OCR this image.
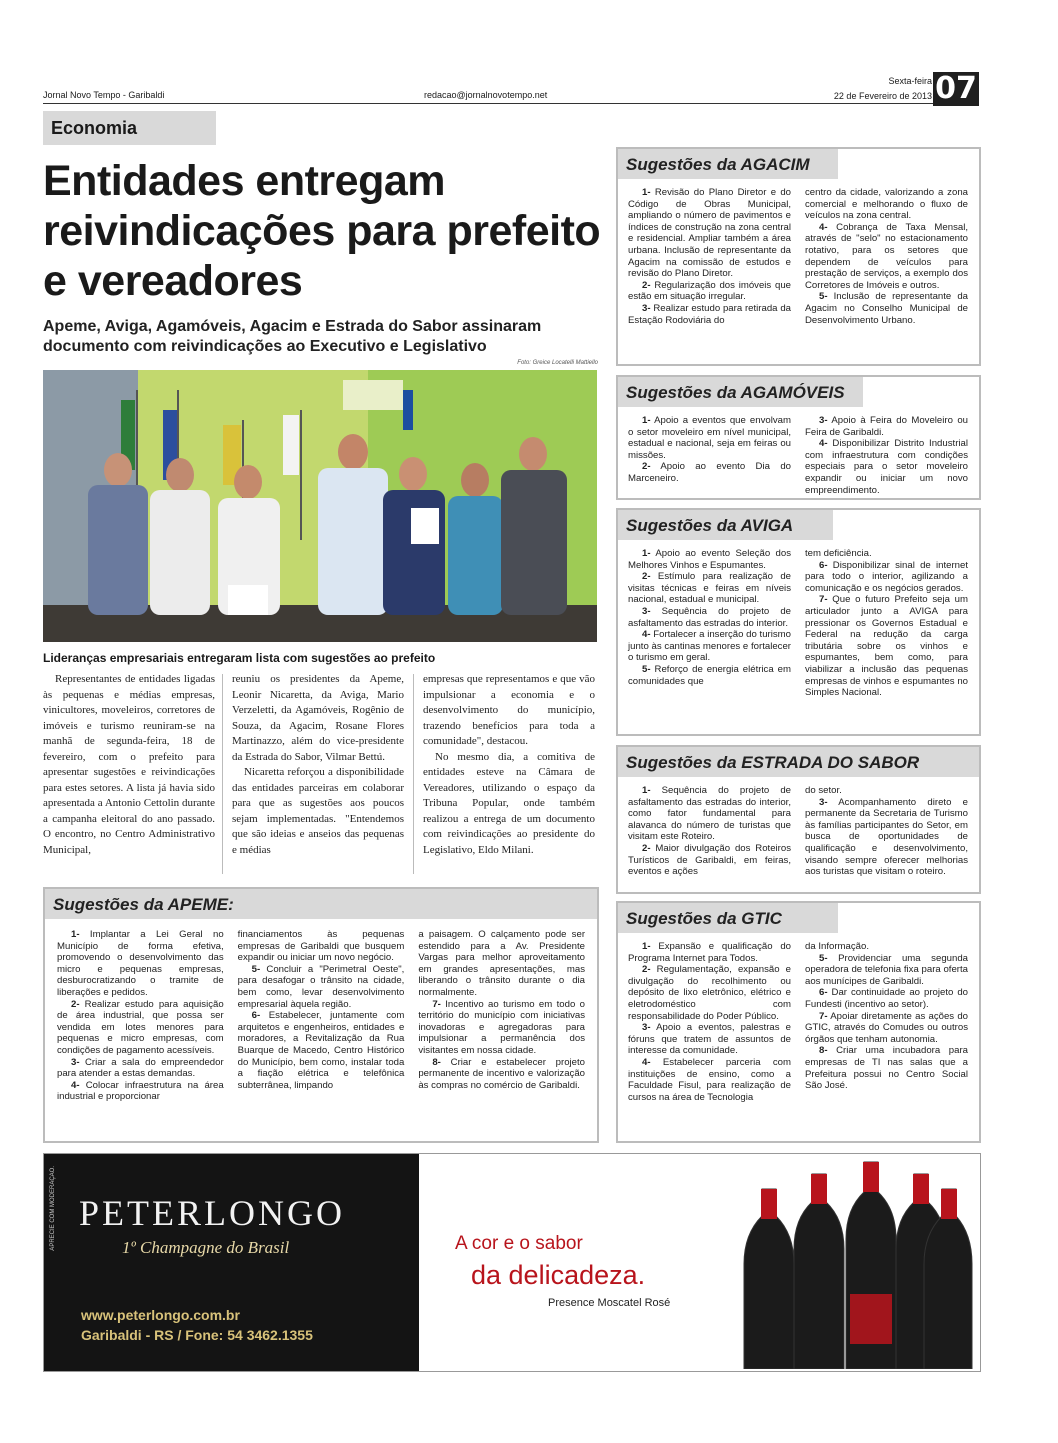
Jornal Novo Tempo - Garibaldi	redacao@jornalnovotempo.net
Sexta-feira
22 de Fevereiro de 2013 07
Economia
Entidades entregam reivindicações para prefeito e vereadores
Apeme, Aviga, Agamóveis, Agacim e Estrada do Sabor assinaram documento com reivindicações ao Executivo e Legislativo
Foto: Greice Locatelli Mattiello
Lideranças empresariais entregaram lista com sugestões ao prefeito

Representantes de entidades ligadas às pequenas e médias empresas, vinicultores, moveleiros, corretores de imóveis e turismo reuniram-se na manhã de segunda-feira, 18 de fevereiro, com o prefeito para apresentar sugestões e reivindicações para estes setores. A lista já havia sido apresentada a Antonio Cettolin durante a campanha eleitoral do ano passado. O encontro, no Centro Administrativo Municipal,

reuniu os presidentes da Apeme, Leonir Nicaretta, da Aviga, Mario Verzeletti, da Agamóveis, Rogênio de Souza, da Agacim, Rosane Flores Martinazzo, além do vice-presidente da Estrada do Sabor, Vilmar Bettú.

Nicaretta reforçou a disponibilidade das entidades parceiras em colaborar para que as sugestões aos poucos sejam implementadas. "Entendemos que são ideias e anseios das pequenas e médias

empresas que representamos e que vão impulsionar a economia e o desenvolvimento do município, trazendo benefícios para toda a comunidade", destacou.

No mesmo dia, a comitiva de entidades esteve na Câmara de Vereadores, utilizando o espaço da Tribuna Popular, onde também realizou a entrega de um documento com reivindicações ao presidente do Legislativo, Eldo Milani.

Sugestões da AGACIM

1- Revisão do Plano Diretor e do Código de Obras Municipal, ampliando o número de pavimentos e índices de construção na zona central e residencial. Ampliar também a área urbana. Inclusão de representante da Agacim na comissão de estudos e revisão do Plano Diretor.

2- Regularização dos imóveis que estão em situação irregular.

3- Realizar estudo para retirada da Estação Rodoviária do

centro da cidade, valorizando a zona comercial e melhorando o fluxo de veículos na zona central.

4- Cobrança de Taxa Mensal, através de "selo" no estacionamento rotativo, para os setores que dependem de veículos para prestação de serviços, a exemplo dos Corretores de Imóveis e outros.

5- Inclusão de representante da Agacim no Conselho Municipal de Desenvolvimento Urbano.

Sugestões da AGAMÓVEIS

1- Apoio a eventos que envolvam o setor moveleiro em nível municipal, estadual e nacional, seja em feiras ou missões.

2- Apoio ao evento Dia do Marceneiro.

3- Apoio à Feira do Moveleiro ou Feira de Garibaldi.

4- Disponibilizar Distrito Industrial com infraestrutura com condições especiais para o setor moveleiro expandir ou iniciar um novo empreendimento.

Sugestões da AVIGA

1- Apoio ao evento Seleção dos Melhores Vinhos e Espumantes.

2- Estímulo para realização de visitas técnicas e feiras em níveis nacional, estadual e municipal.

3- Sequência do projeto de asfaltamento das estradas do interior.

4- Fortalecer a inserção do turismo junto às cantinas menores e fortalecer o turismo em geral.

5- Reforço de energia elétrica em comunidades que

tem deficiência.

6- Disponibilizar sinal de internet para todo o interior, agilizando a comunicação e os negócios gerados.

7- Que o futuro Prefeito seja um articulador junto a AVIGA para pressionar os Governos Estadual e Federal na redução da carga tributária sobre os vinhos e espumantes, bem como, para viabilizar a inclusão das pequenas empresas de vinhos e espumantes no Simples Nacional.

Sugestões da ESTRADA DO SABOR

1- Sequência do projeto de asfaltamento das estradas do interior, como fator fundamental para alavanca do número de turistas que visitam este Roteiro.

2- Maior divulgação dos Roteiros Turísticos de Garibaldi, em feiras, eventos e ações

do setor.

3- Acompanhamento direto e permanente da Secretaria de Turismo às famílias participantes do Setor, em busca de oportunidades de qualificação e desenvolvimento, visando sempre oferecer melhorias aos turistas que visitam o roteiro.

Sugestões da GTIC

1- Expansão e qualificação do Programa Internet para Todos.

2- Regulamentação, expansão e divulgação do recolhimento ou depósito de lixo eletrônico, elétrico e eletrodoméstico com responsabilidade do Poder Público.

3- Apoio a eventos, palestras e fóruns que tratem de assuntos de interesse da comunidade.

4- Estabelecer parceria com instituições de ensino, como a Faculdade Fisul, para realização de cursos na área de Tecnologia

da Informação.

5- Providenciar uma segunda operadora de telefonia fixa para oferta aos munícipes de Garibaldi.

6- Dar continuidade ao projeto do Fundesti (incentivo ao setor).

7- Apoiar diretamente as ações do GTIC, através do Comudes ou outros órgãos que tenham autonomia.

8- Criar uma incubadora para empresas de TI nas salas que a Prefeitura possui no Centro Social São José.

Sugestões da APEME:

1- Implantar a Lei Geral no Município de forma efetiva, promovendo o desenvolvimento das micro e pequenas empresas, desburocratizando o tramite de liberações e pedidos.

2- Realizar estudo para aquisição de área industrial, que possa ser vendida em lotes menores para pequenas e micro empresas, com condições de pagamento acessíveis.

3- Criar a sala do empreendedor para atender a estas demandas.

4- Colocar infraestrutura na área industrial e proporcionar

financiamentos às pequenas empresas de Garibaldi que busquem expandir ou iniciar um novo negócio.

5- Concluir a "Perimetral Oeste", para desafogar o trânsito na cidade, bem como, levar desenvolvimento empresarial àquela região.

6- Estabelecer, juntamente com arquitetos e engenheiros, entidades e moradores, a Revitalização da Rua Buarque de Macedo, Centro Histórico do Município, bem como, instalar toda a fiação elétrica e telefônica subterrânea, limpando

a paisagem. O calçamento pode ser estendido para a Av. Presidente Vargas para melhor aproveitamento em grandes apresentações, mas liberando o trânsito durante o dia normalmente.

7- Incentivo ao turismo em todo o território do município com iniciativas inovadoras e agregadoras para impulsionar a permanência dos visitantes em nossa cidade.

8- Criar e estabelecer projeto permanente de incentivo e valorização às compras no comércio de Garibaldi.

APRECIE COM MODERAÇÃO. PETERLONGO
1º Champagne do Brasil
www.peterlongo.com.br
Garibaldi - RS / Fone: 54 3462.1355
A cor e o sabor
da delicadeza.
Presence Moscatel Rosé
